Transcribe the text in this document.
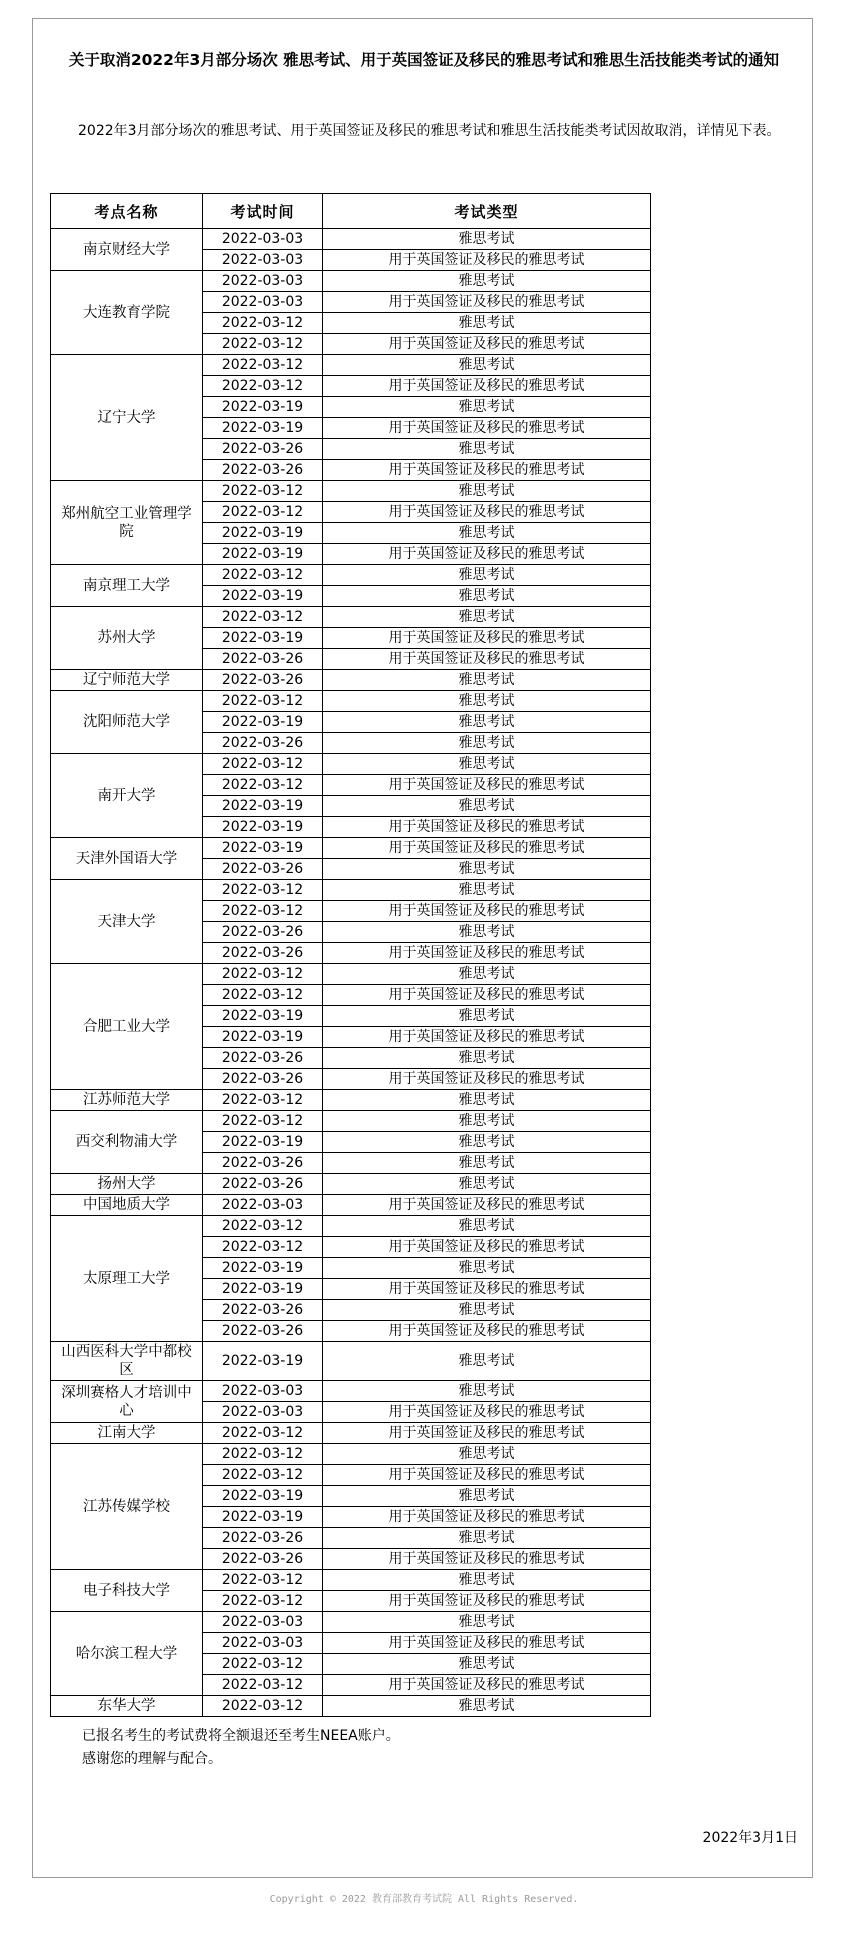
关于取消2022年3月部分场次 雅思考试、用于英国签证及移民的雅思考试和雅思生活技能类考试的通知
2022年3月部分场次的雅思考试、用于英国签证及移民的雅思考试和雅思生活技能类考试因故取消，详情见下表。
考点名称	考试时间	考试类型
南京财经大学	2022-03-03	雅思考试
	2022-03-03	用于英国签证及移民的雅思考试
大连教育学院	2022-03-03	雅思考试
	2022-03-03	用于英国签证及移民的雅思考试
	2022-03-12	雅思考试
	2022-03-12	用于英国签证及移民的雅思考试
辽宁大学	2022-03-12	雅思考试
	2022-03-12	用于英国签证及移民的雅思考试
	2022-03-19	雅思考试
	2022-03-19	用于英国签证及移民的雅思考试
	2022-03-26	雅思考试
	2022-03-26	用于英国签证及移民的雅思考试
郑州航空工业管理学院	2022-03-12	雅思考试
	2022-03-12	用于英国签证及移民的雅思考试
	2022-03-19	雅思考试
	2022-03-19	用于英国签证及移民的雅思考试
南京理工大学	2022-03-12	雅思考试
	2022-03-19	雅思考试
苏州大学	2022-03-12	雅思考试
	2022-03-19	用于英国签证及移民的雅思考试
	2022-03-26	用于英国签证及移民的雅思考试
辽宁师范大学	2022-03-26	雅思考试
沈阳师范大学	2022-03-12	雅思考试
	2022-03-19	雅思考试
	2022-03-26	雅思考试
南开大学	2022-03-12	雅思考试
	2022-03-12	用于英国签证及移民的雅思考试
	2022-03-19	雅思考试
	2022-03-19	用于英国签证及移民的雅思考试
天津外国语大学	2022-03-19	用于英国签证及移民的雅思考试
	2022-03-26	雅思考试
天津大学	2022-03-12	雅思考试
	2022-03-12	用于英国签证及移民的雅思考试
	2022-03-26	雅思考试
	2022-03-26	用于英国签证及移民的雅思考试
合肥工业大学	2022-03-12	雅思考试
	2022-03-12	用于英国签证及移民的雅思考试
	2022-03-19	雅思考试
	2022-03-19	用于英国签证及移民的雅思考试
	2022-03-26	雅思考试
	2022-03-26	用于英国签证及移民的雅思考试
江苏师范大学	2022-03-12	雅思考试
西交利物浦大学	2022-03-12	雅思考试
	2022-03-19	雅思考试
	2022-03-26	雅思考试
扬州大学	2022-03-26	雅思考试
中国地质大学	2022-03-03	用于英国签证及移民的雅思考试
太原理工大学	2022-03-12	雅思考试
	2022-03-12	用于英国签证及移民的雅思考试
	2022-03-19	雅思考试
	2022-03-19	用于英国签证及移民的雅思考试
	2022-03-26	雅思考试
	2022-03-26	用于英国签证及移民的雅思考试
山西医科大学中都校区	2022-03-19	雅思考试
深圳赛格人才培训中心	2022-03-03	雅思考试
	2022-03-03	用于英国签证及移民的雅思考试
江南大学	2022-03-12	用于英国签证及移民的雅思考试
江苏传媒学校	2022-03-12	雅思考试
	2022-03-12	用于英国签证及移民的雅思考试
	2022-03-19	雅思考试
	2022-03-19	用于英国签证及移民的雅思考试
	2022-03-26	雅思考试
	2022-03-26	用于英国签证及移民的雅思考试
电子科技大学	2022-03-12	雅思考试
	2022-03-12	用于英国签证及移民的雅思考试
哈尔滨工程大学	2022-03-03	雅思考试
	2022-03-03	用于英国签证及移民的雅思考试
	2022-03-12	雅思考试
	2022-03-12	用于英国签证及移民的雅思考试
东华大学	2022-03-12	雅思考试
已报名考生的考试费将全额退还至考生NEEA账户。
感谢您的理解与配合。
2022年3月1日
Copyright © 2022 教育部教育考试院 All Rights Reserved.
